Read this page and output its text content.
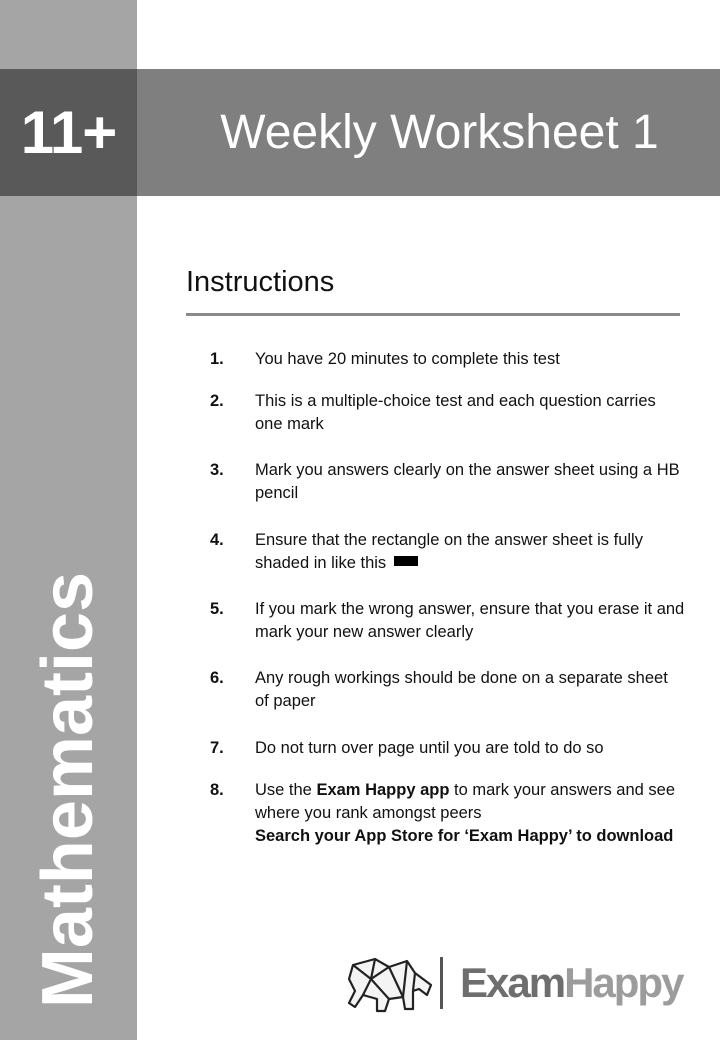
11+	Weekly Worksheet 1
Mathematics
Instructions
1. You have 20 minutes to complete this test
2. This is a multiple-choice test and each question carries one mark
3. Mark you answers clearly on the answer sheet using a HB pencil
4. Ensure that the rectangle on the answer sheet is fully shaded in like this
5. If you mark the wrong answer, ensure that you erase it and mark your new answer clearly
6. Any rough workings should be done on a separate sheet of paper
7. Do not turn over page until you are told to do so
8. Use the Exam Happy app to mark your answers and see where you rank amongst peers
Search your App Store for ‘Exam Happy’ to download
ExamHappy
